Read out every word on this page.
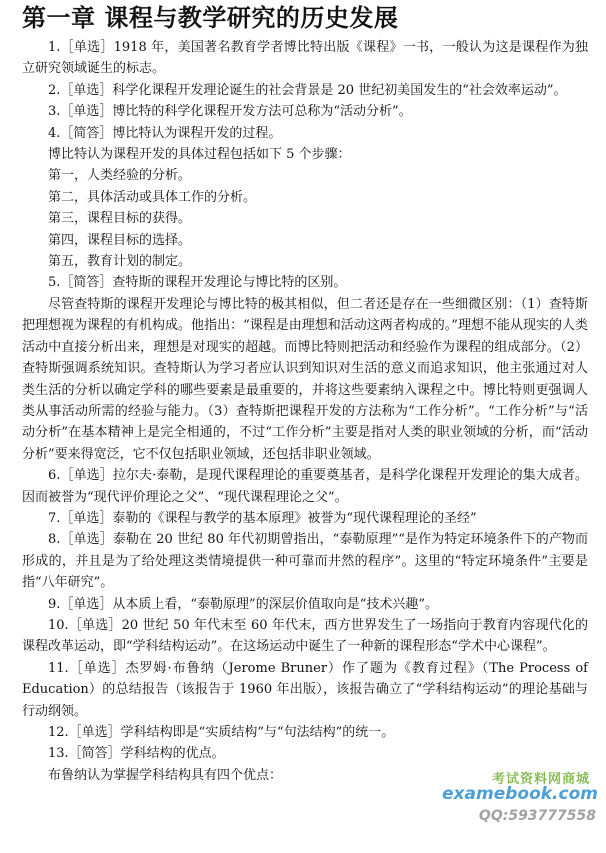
第一章 课程与教学研究的历史发展

1.［单选］1918 年，美国著名教育学者博比特出版《课程》一书，一般认为这是课程作为独立研究领域诞生的标志。

2.［单选］科学化课程开发理论诞生的社会背景是 20 世纪初美国发生的“社会效率运动”。

3.［单选］博比特的科学化课程开发方法可总称为“活动分析”。

4.［简答］博比特认为课程开发的过程。

博比特认为课程开发的具体过程包括如下 5 个步骤：

第一，人类经验的分析。

第二，具体活动或具体工作的分析。

第三，课程目标的获得。

第四，课程目标的选择。

第五，教育计划的制定。

5.［简答］查特斯的课程开发理论与博比特的区别。

尽管查特斯的课程开发理论与博比特的极其相似，但二者还是存在一些细微区别：（1）查特斯把理想视为课程的有机构成。他指出：“课程是由理想和活动这两者构成的。”理想不能从现实的人类活动中直接分析出来，理想是对现实的超越。而博比特则把活动和经验作为课程的组成部分。（2）查特斯强调系统知识。查特斯认为学习者应认识到知识对生活的意义而追求知识，他主张通过对人类生活的分析以确定学科的哪些要素是最重要的，并将这些要素纳入课程之中。博比特则更强调人类从事活动所需的经验与能力。（3）查特斯把课程开发的方法称为“工作分析”。“工作分析”与“活动分析”在基本精神上是完全相通的，不过“工作分析”主要是指对人类的职业领域的分析，而“活动分析”要来得宽泛，它不仅包括职业领域，还包括非职业领域。

6.［单选］拉尔夫·泰勒，是现代课程理论的重要奠基者，是科学化课程开发理论的集大成者。因而被誉为“现代评价理论之父”、“现代课程理论之父”。

7.［单选］泰勒的《课程与教学的基本原理》被誉为“现代课程理论的圣经”

8.［单选］泰勒在 20 世纪 80 年代初期曾指出，“泰勒原理”“是作为特定环境条件下的产物而形成的，并且是为了给处理这类情境提供一种可靠而井然的程序”。这里的“特定环境条件”主要是指“八年研究”。

9.［单选］从本质上看，“泰勒原理”的深层价值取向是“技术兴趣”。

10.［单选］20 世纪 50 年代末至 60 年代末，西方世界发生了一场指向于教育内容现代化的课程改革运动，即“学科结构运动”。在这场运动中诞生了一种新的课程形态“学术中心课程”。

11.［单选］杰罗姆·布鲁纳（Jerome Bruner）作了题为《教育过程》（The Process of Education）的总结报告（该报告于 1960 年出版），该报告确立了“学科结构运动”的理论基础与行动纲领。

12.［单选］学科结构即是“实质结构”与“句法结构”的统一。

13.［简答］学科结构的优点。

布鲁纳认为掌握学科结构具有四个优点：	考试资料网商城
examebook.com
QQ:593777558
